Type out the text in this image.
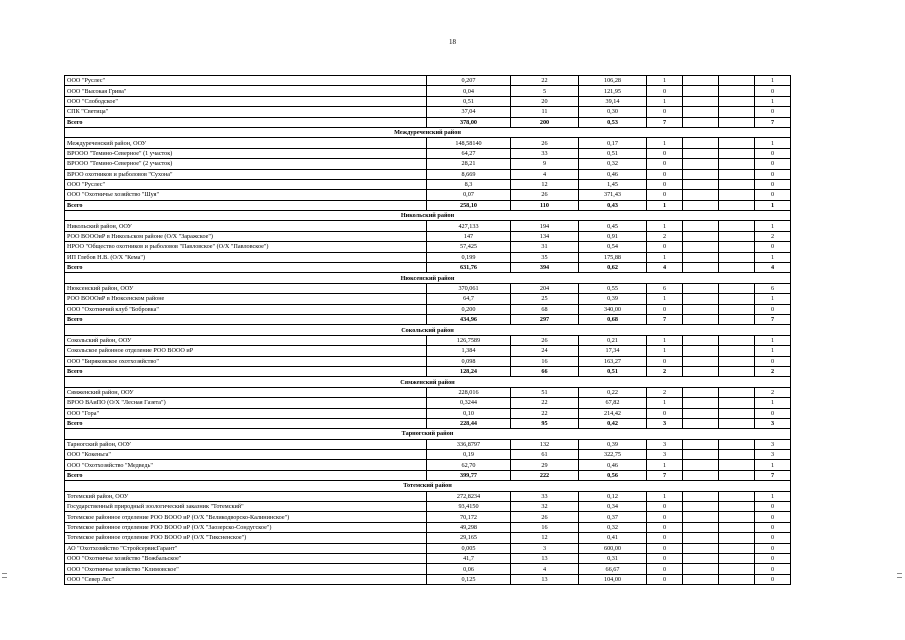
18
ООО "Руслес"	0,207	22	106,28	1			1
ООО "Высокая Грива"	0,04	5	121,95	0			0
ООО "Слободское"	0,51	20	39,14	1			1
СПК "Светица"	37,04	11	0,30	0			0
Всего	378,00	200	0,53	7			7
Междуреченский район							
Междуреченский район, ООУ	148,58140	26	0,17	1			1
ВРООО "Темино-Северное" (1 участок)	64,27	33	0,51	0			0
ВРООО "Темино-Северное" (2 участок)	28,21	9	0,32	0			0
ВРОО охотников и рыболовов "Сухона"	8,669	4	0,46	0			0
ООО "Руслес"	8,3	12	1,45	0			0
ООО "Охотничье хозяйство "Шуя"	0,07	26	371,43	0			0
Всего	258,10	110	0,43	1			1
Никольский район							
Никольский район, ООУ	427,133	194	0,45	1			1
РОО ВОООиР в Никольском районе (О/Х "Заражское")	147	134	0,91	2			2
НРОО "Общество охотников и рыболовов "Павловское" (О/Х "Павловское")	57,425	31	0,54	0			0
ИП Глебов Н.В. (О/Х "Кема")	0,199	35	175,88	1			1
Всего	631,76	394	0,62	4			4
Нюксенский район							
Нюксенский район, ООУ	370,061	204	0,55	6			6
РОО ВОООиР в Нюксенском районе	64,7	25	0,39	1			1
ООО "Охотничий клуб "Бобровка"	0,200	68	340,00	0			0
Всего	434,96	297	0,68	7			7
Сокольский район							
Сокольский район, ООУ	126,7589	26	0,21	1			1
Сокольское районное отделение РОО ВООО иР	1,384	24	17,34	1			1
ООО "Биряковское охотхозяйство"	0,098	16	163,27	0			0
Всего	128,24	66	0,51	2			2
Сямженский район							
Сямженский район, ООУ	228,016	51	0,22	2			2
ВРОО ВАиПО (О/Х "Лесная Газета")	0,3244	22	67,82	1			1
ООО "Гора"	0,10	22	214,42	0			0
Всего	228,44	95	0,42	3			3
Тарногский район							
Тарногский район, ООУ	336,8797	132	0,39	3			3
ООО "Кокеньга"	0,19	61	322,75	3			3
ООО "Охотхозяйство "Медведь"	62,70	29	0,46	1			1
Всего	399,77	222	0,56	7			7
Тотемский район							
Тотемский район, ООУ	272,8234	33	0,12	1			1
Государственный природный зоологический заказник "Тотемский"	93,4150	32	0,34	0			0
Тотемское районное отделение РОО ВООО иР (О/Х "Великодворско-Калининское")	70,172	26	0,37	0			0
Тотемское районное отделение РОО ВООО иР (О/Х "Заозерско-Сондугское")	49,298	16	0,32	0			0
Тотемское районное отделение РОО ВООО иР (О/Х "Тиксненское")	29,165	12	0,41	0			0
АО "Охотхозяйство "СтройсервисГарант"	0,005	3	600,00	0			0
ООО "Охотничье хозяйство "Вожбальское"	41,7	13	0,31	0			0
ООО "Охотничье хозяйство "Климовское"	0,06	4	66,67	0			0
ООО "Север Лес"	0,125	13	104,00	0			0
